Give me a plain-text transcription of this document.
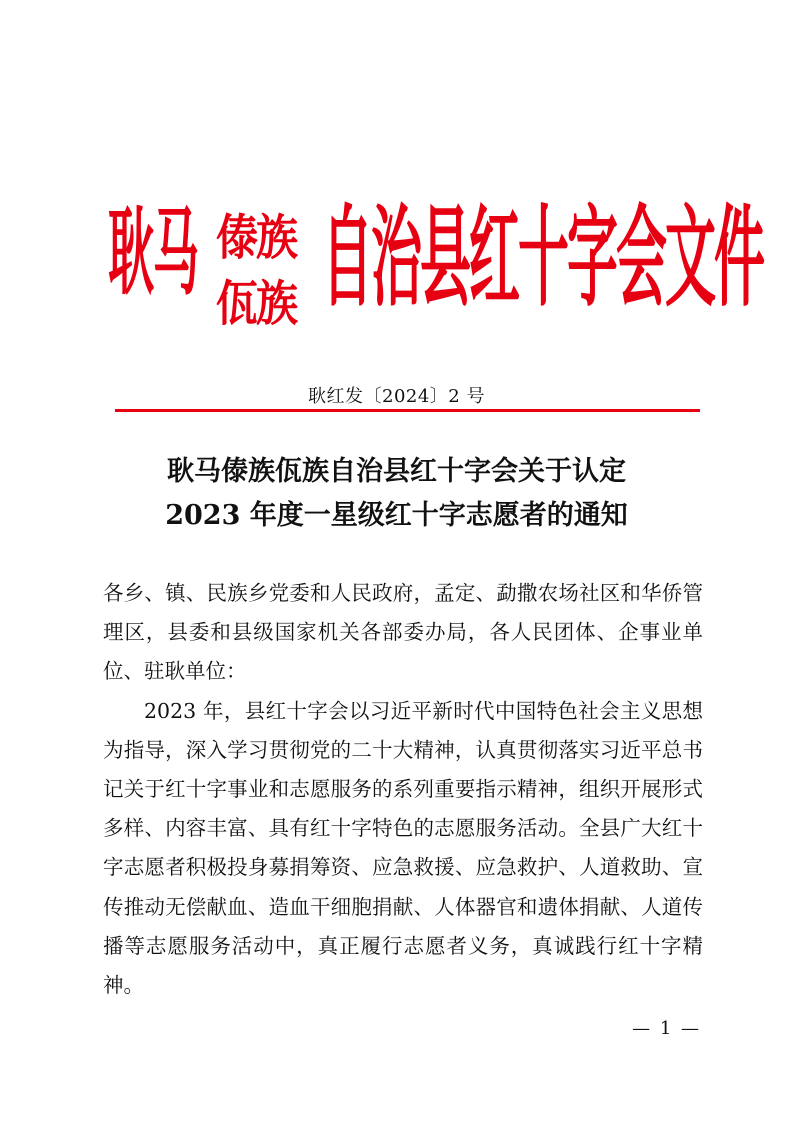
耿马 傣族
佤族 自治县红十字会文件
耿红发〔2024〕2 号
耿马傣族佤族自治县红十字会关于认定
2023 年度一星级红十字志愿者的通知

各乡、镇、民族乡党委和人民政府，孟定、勐撒农场社区和华侨管理区，县委和县级国家机关各部委办局，各人民团体、企事业单位、驻耿单位：

2023 年，县红十字会以习近平新时代中国特色社会主义思想为指导，深入学习贯彻党的二十大精神，认真贯彻落实习近平总书记关于红十字事业和志愿服务的系列重要指示精神，组织开展形式多样、内容丰富、具有红十字特色的志愿服务活动。全县广大红十字志愿者积极投身募捐筹资、应急救援、应急救护、人道救助、宣传推动无偿献血、造血干细胞捐献、人体器官和遗体捐献、人道传播等志愿服务活动中，真正履行志愿者义务，真诚践行红十字精神。

— 1 —
